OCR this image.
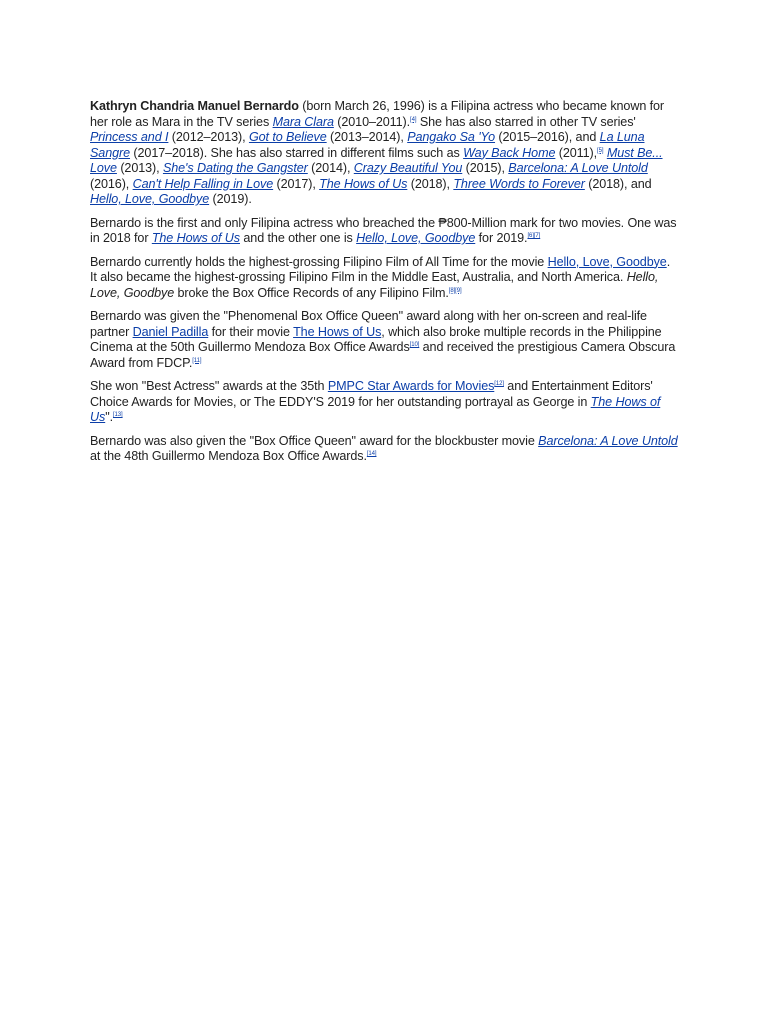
Kathryn Chandria Manuel Bernardo (born March 26, 1996) is a Filipina actress who became known for her role as Mara in the TV series Mara Clara (2010–2011).[4] She has also starred in other TV series' Princess and I (2012–2013), Got to Believe (2013–2014), Pangako Sa 'Yo (2015–2016), and La Luna Sangre (2017–2018). She has also starred in different films such as Way Back Home (2011),[5] Must Be... Love (2013), She's Dating the Gangster (2014), Crazy Beautiful You (2015), Barcelona: A Love Untold (2016), Can't Help Falling in Love (2017), The Hows of Us (2018), Three Words to Forever (2018), and Hello, Love, Goodbye (2019).

Bernardo is the first and only Filipina actress who breached the ₱800-Million mark for two movies. One was in 2018 for The Hows of Us and the other one is Hello, Love, Goodbye for 2019.[6][7]

Bernardo currently holds the highest-grossing Filipino Film of All Time for the movie Hello, Love, Goodbye. It also became the highest-grossing Filipino Film in the Middle East, Australia, and North America. Hello, Love, Goodbye broke the Box Office Records of any Filipino Film.[8][9]

Bernardo was given the "Phenomenal Box Office Queen" award along with her on-screen and real-life partner Daniel Padilla for their movie The Hows of Us, which also broke multiple records in the Philippine Cinema at the 50th Guillermo Mendoza Box Office Awards[10] and received the prestigious Camera Obscura Award from FDCP.[11]

She won "Best Actress" awards at the 35th PMPC Star Awards for Movies[12] and Entertainment Editors' Choice Awards for Movies, or The EDDY'S 2019 for her outstanding portrayal as George in The Hows of Us".[13]

Bernardo was also given the "Box Office Queen" award for the blockbuster movie Barcelona: A Love Untold at the 48th Guillermo Mendoza Box Office Awards.[14]
